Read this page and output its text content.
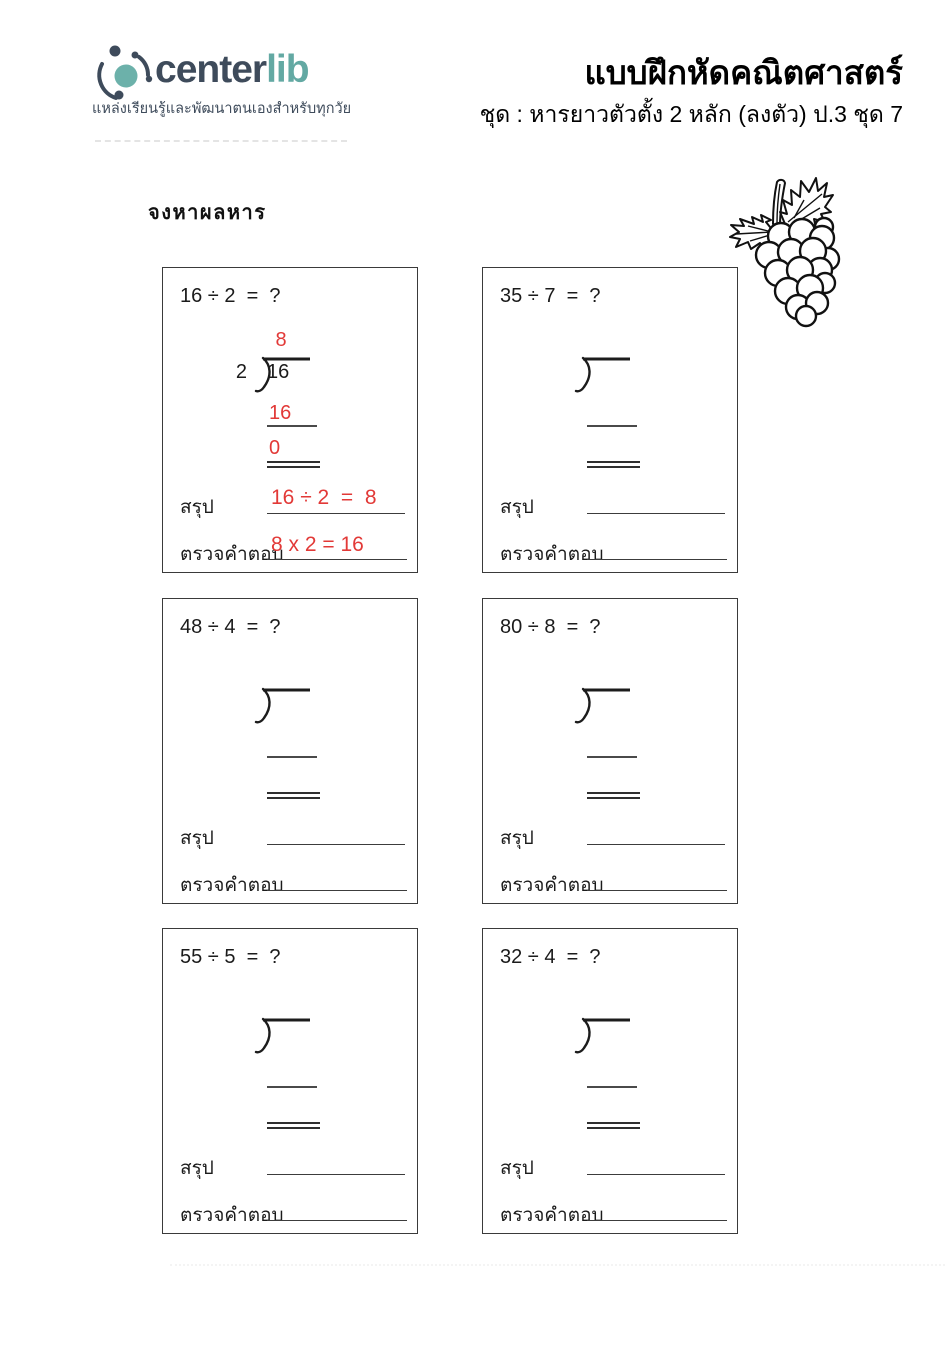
centerlib
แหล่งเรียนรู้และพัฒนาตนเองสำหรับทุกวัย
แบบฝึกหัดคณิตศาสตร์
ชุด : หารยาวตัวตั้ง 2 หลัก (ลงตัว) ป.3 ชุด 7
จงหาผลหาร
16 ÷ 2  =  ?
8
2 16
16
0
สรุป	16 ÷ 2  =  8
ตรวจคำตอบ
8 x 2 = 16
35 ÷ 7  =  ?
สรุป
ตรวจคำตอบ
48 ÷ 4  =  ?
สรุป
ตรวจคำตอบ
80 ÷ 8  =  ?
สรุป
ตรวจคำตอบ
55 ÷ 5  =  ?
สรุป
ตรวจคำตอบ
32 ÷ 4  =  ?
สรุป
ตรวจคำตอบ
